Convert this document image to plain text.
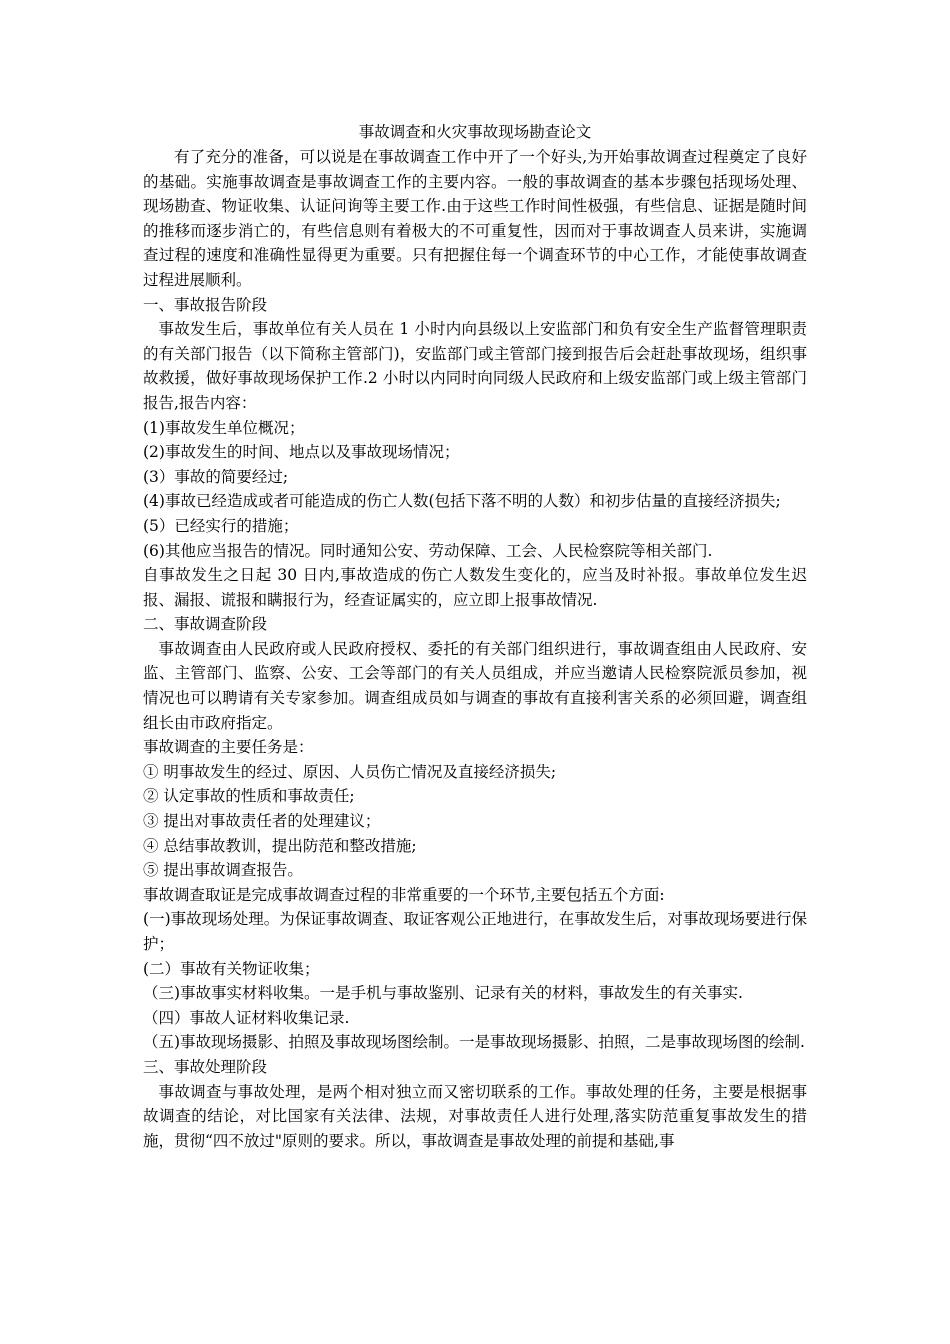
事故调查和火灾事故现场勘查论文

有了充分的准备，可以说是在事故调查工作中开了一个好头,为开始事故调查过程奠定了良好的基础。实施事故调查是事故调查工作的主要内容。一般的事故调查的基本步骤包括现场处理、现场勘查、物证收集、认证问询等主要工作.由于这些工作时间性极强，有些信息、证据是随时间的推移而逐步消亡的，有些信息则有着极大的不可重复性，因而对于事故调查人员来讲，实施调查过程的速度和准确性显得更为重要。只有把握住每一个调查环节的中心工作，才能使事故调查过程进展顺利。

一、事故报告阶段

事故发生后，事故单位有关人员在 1 小时内向县级以上安监部门和负有安全生产监督管理职责的有关部门报告（以下简称主管部门)，安监部门或主管部门接到报告后会赶赴事故现场，组织事故救援，做好事故现场保护工作.2 小时以内同时向同级人民政府和上级安监部门或上级主管部门报告,报告内容：

(1)事故发生单位概况；

(2)事故发生的时间、地点以及事故现场情况；

(3）事故的简要经过;

(4)事故已经造成或者可能造成的伤亡人数(包括下落不明的人数）和初步估量的直接经济损失;

(5）已经实行的措施；

(6)其他应当报告的情况。同时通知公安、劳动保障、工会、人民检察院等相关部门.

自事故发生之日起 30 日内,事故造成的伤亡人数发生变化的，应当及时补报。事故单位发生迟报、漏报、谎报和瞒报行为，经查证属实的，应立即上报事故情况.

二、事故调查阶段

事故调查由人民政府或人民政府授权、委托的有关部门组织进行，事故调查组由人民政府、安监、主管部门、监察、公安、工会等部门的有关人员组成，并应当邀请人民检察院派员参加，视情况也可以聘请有关专家参加。调查组成员如与调查的事故有直接利害关系的必须回避，调查组组长由市政府指定。

事故调查的主要任务是：

① 明事故发生的经过、原因、人员伤亡情况及直接经济损失;

② 认定事故的性质和事故责任;

③ 提出对事故责任者的处理建议；

④ 总结事故教训，提出防范和整改措施;

⑤ 提出事故调查报告。

事故调查取证是完成事故调查过程的非常重要的一个环节,主要包括五个方面:

(一)事故现场处理。为保证事故调查、取证客观公正地进行，在事故发生后，对事故现场要进行保护；

(二）事故有关物证收集；

（三)事故事实材料收集。一是手机与事故鉴别、记录有关的材料，事故发生的有关事实.

（四）事故人证材料收集记录.

（五)事故现场摄影、拍照及事故现场图绘制。一是事故现场摄影、拍照，二是事故现场图的绘制.

三、事故处理阶段

事故调查与事故处理，是两个相对独立而又密切联系的工作。事故处理的任务，主要是根据事故调查的结论，对比国家有关法律、法规，对事故责任人进行处理,落实防范重复事故发生的措施，贯彻“四不放过"原则的要求。所以，事故调查是事故处理的前提和基础,事
